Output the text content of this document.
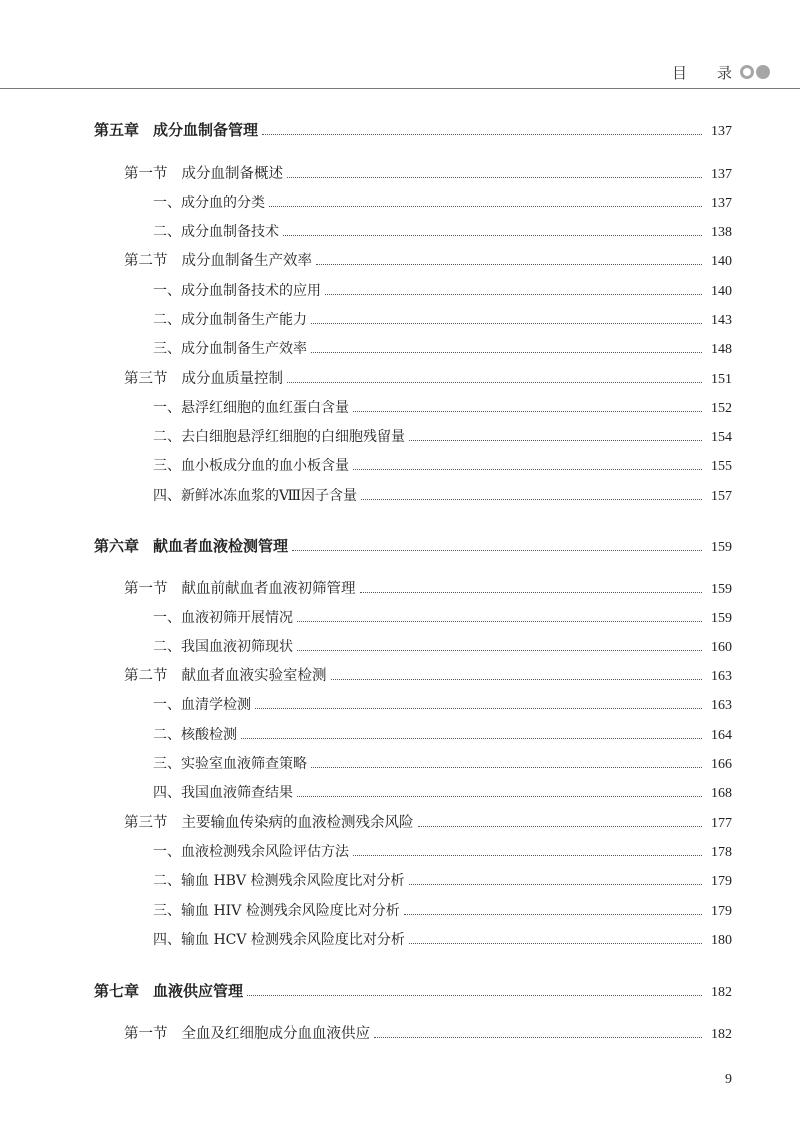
目 录
第五章 成分血制备管理	137
第一节 成分血制备概述	137
一、成分血的分类	137
二、成分血制备技术	138
第二节 成分血制备生产效率	140
一、成分血制备技术的应用	140
二、成分血制备生产能力	143
三、成分血制备生产效率	148
第三节 成分血质量控制	151
一、悬浮红细胞的血红蛋白含量	152
二、去白细胞悬浮红细胞的白细胞残留量	154
三、血小板成分血的血小板含量	155
四、新鲜冰冻血浆的Ⅷ因子含量	157
第六章 献血者血液检测管理	159
第一节 献血前献血者血液初筛管理	159
一、血液初筛开展情况	159
二、我国血液初筛现状	160
第二节 献血者血液实验室检测	163
一、血清学检测	163
二、核酸检测	164
三、实验室血液筛查策略	166
四、我国血液筛查结果	168
第三节 主要输血传染病的血液检测残余风险	177
一、血液检测残余风险评估方法	178
二、输血 HBV 检测残余风险度比对分析	179
三、输血 HIV 检测残余风险度比对分析	179
四、输血 HCV 检测残余风险度比对分析	180
第七章 血液供应管理	182
第一节 全血及红细胞成分血血液供应	182
9
